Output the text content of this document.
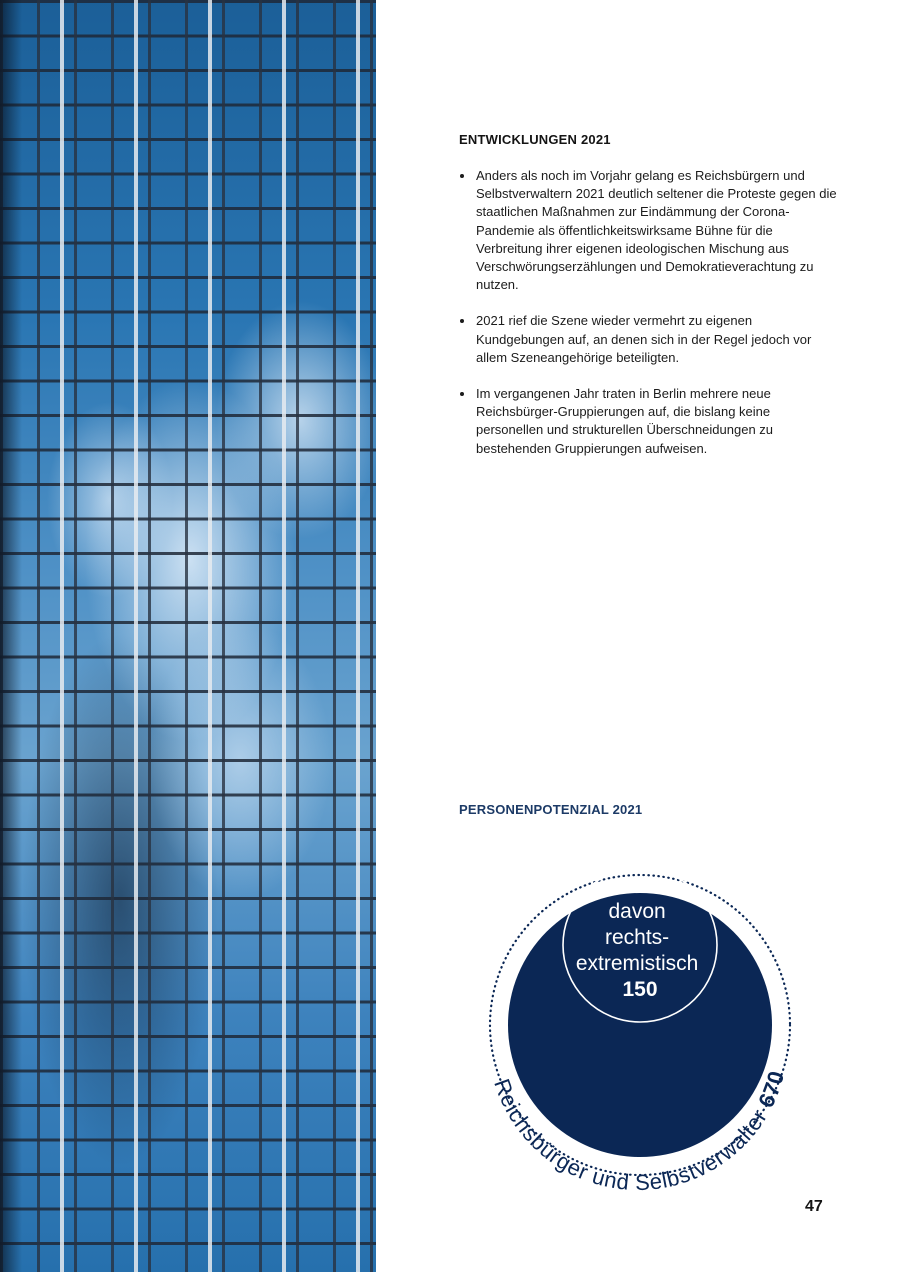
ENTWICKLUNGEN 2021
Anders als noch im Vorjahr gelang es Reichsbürgern und Selbstverwaltern 2021 deutlich seltener die Proteste gegen die staatlichen Maßnahmen zur Eindämmung der Corona-Pandemie als öffentlichkeitswirksame Bühne für die Verbreitung ihrer eigenen ideologischen Mischung aus Verschwörungserzählungen und Demokratieverachtung zu nutzen.
2021 rief die Szene wieder vermehrt zu eigenen Kundgebungen auf, an denen sich in der Regel jedoch vor allem Szeneangehörige beteiligten.
Im vergangenen Jahr traten in Berlin mehrere neue Reichsbürger-Gruppierungen auf, die bislang keine personellen und strukturellen Überschneidungen zu bestehenden Gruppierungen aufweisen.
PERSONENPOTENZIAL 2021
davon rechts- extremistisch 150
Reichsbürger und Selbstverwalter 670
47
